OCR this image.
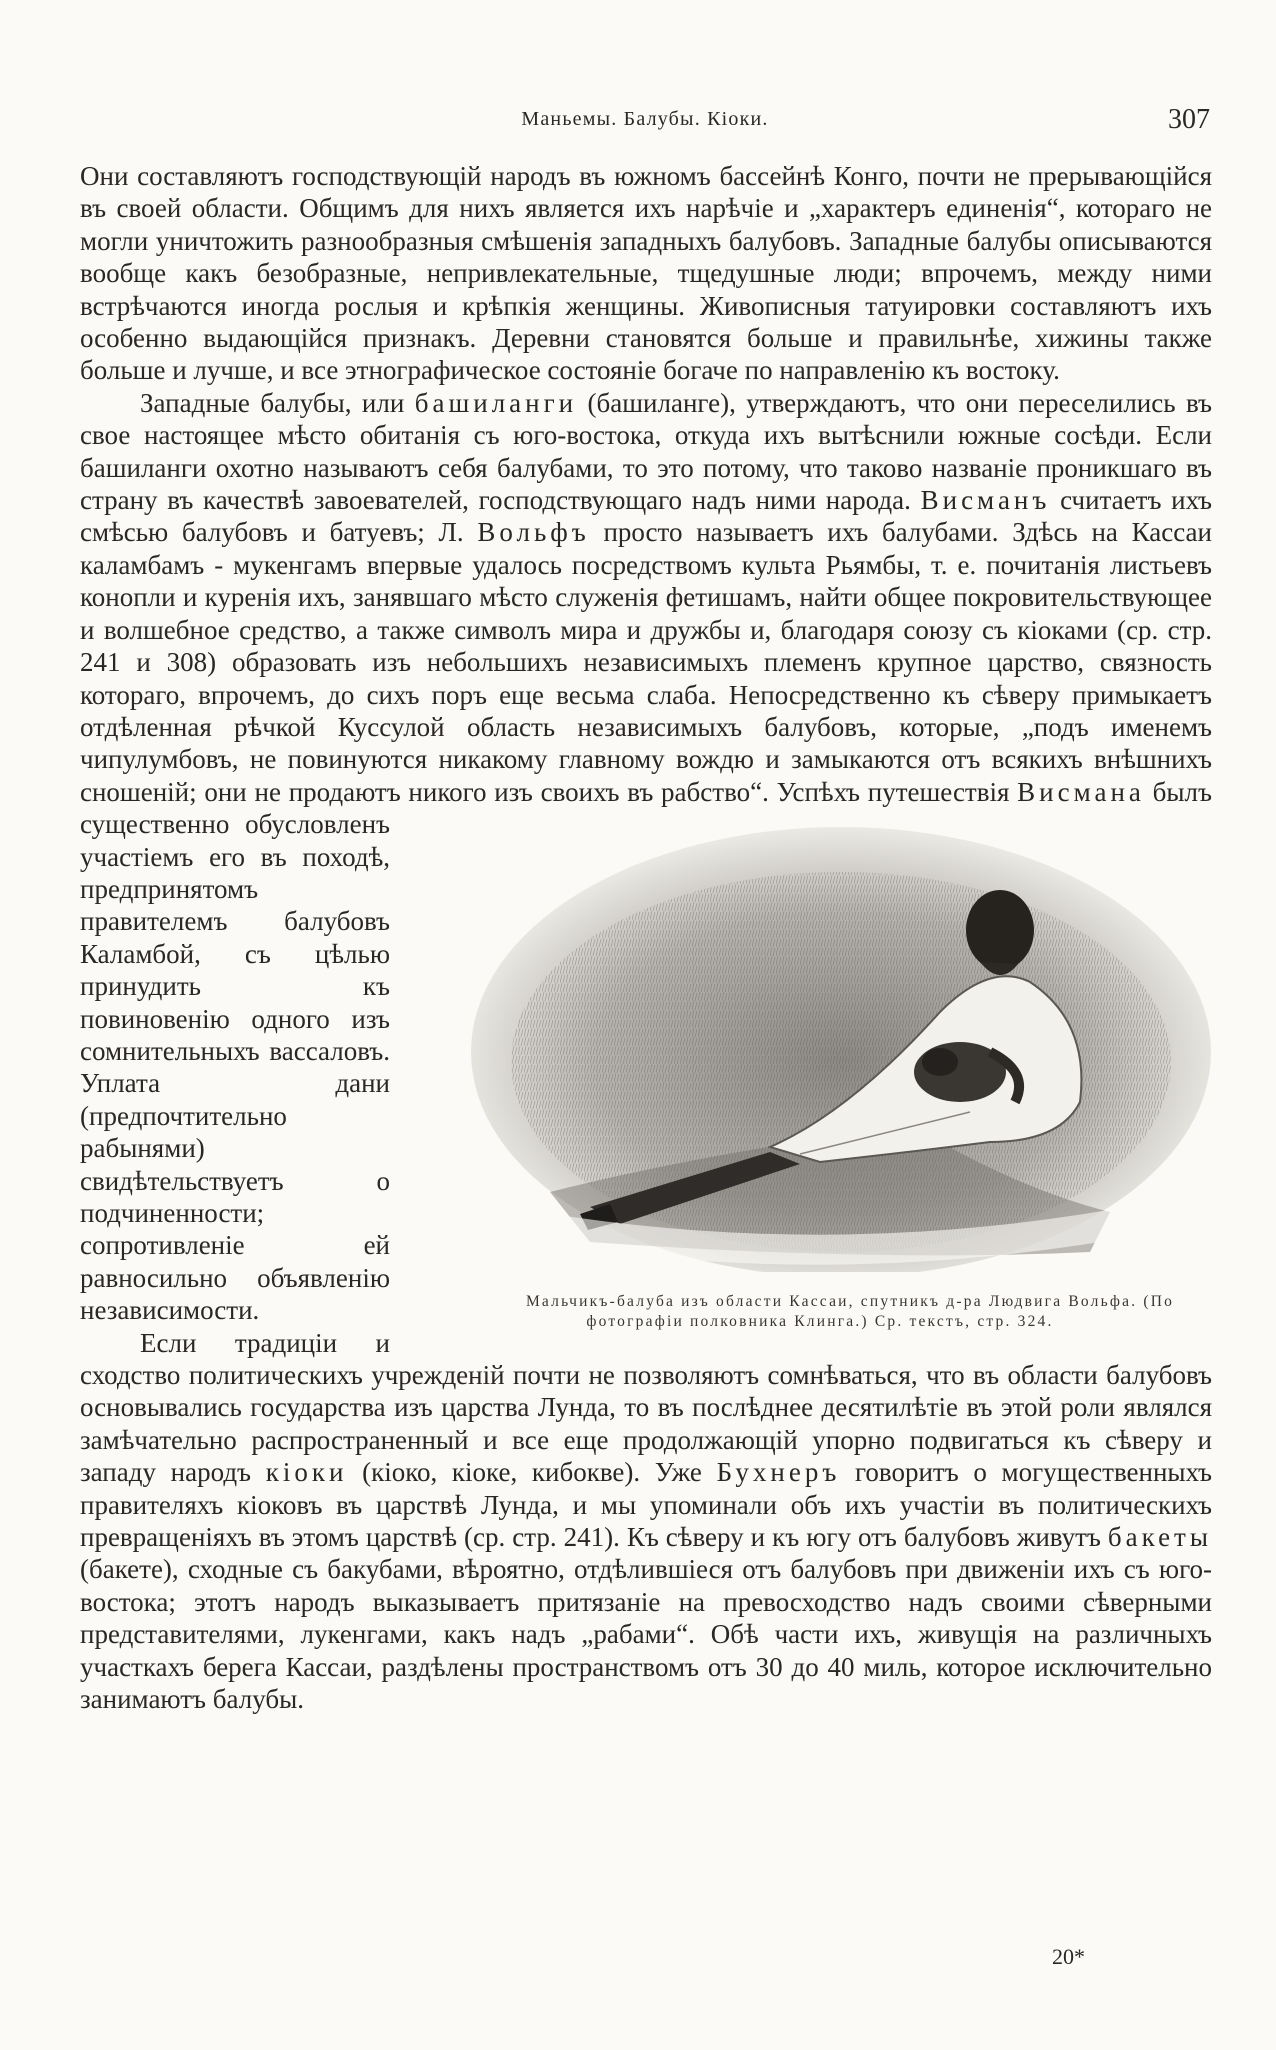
Маньемы. Балубы. Кіоки.	307

Они составляютъ господствующій народъ въ южномъ бассейнѣ Конго, почти не прерывающійся въ своей области. Общимъ для нихъ является ихъ нарѣчіе и „характеръ единенія“, котораго не могли уничтожить разнообразныя смѣшенія западныхъ балубовъ. Западные балубы описываются вообще какъ безобразные, непривлекательные, тщедушные люди; впрочемъ, между ними встрѣчаются иногда рослыя и крѣпкія женщины. Живописныя татуировки составляютъ ихъ особенно выдающійся признакъ. Деревни становятся больше и правильнѣе, хижины также больше и лучше, и все этнографическое состояніе богаче по направленію къ востоку.

Западные балубы, или башиланги (башиланге), утверждаютъ, что они переселились въ свое настоящее мѣсто обитанія съ юго-востока, откуда ихъ вытѣснили южные сосѣди. Если башиланги охотно называютъ себя балубами, то это потому, что таково названіе проникшаго въ страну въ качествѣ завоевателей, господствующаго надъ ними народа. Висманъ считаетъ ихъ смѣсью балубовъ и батуевъ; Л. Вольфъ просто называетъ ихъ балубами. Здѣсь на Кассаи каламбамъ - мукенгамъ впервые удалось посредствомъ культа Рьямбы, т. е. почитанія листьевъ конопли и куренія ихъ, занявшаго мѣсто служенія фетишамъ, найти общее покровительствующее и волшебное средство, а также символъ мира и дружбы и, благодаря союзу съ кіоками (ср. стр. 241 и 308) образовать изъ небольшихъ независимыхъ племенъ крупное царство, связность котораго, впрочемъ, до сихъ поръ еще весьма слаба. Непосредственно къ сѣверу примыкаетъ отдѣленная рѣчкой Куссулой область независимыхъ балубовъ, которые, „подъ именемъ чипулумбовъ, не повинуются никакому главному вождю и замыкаются отъ всякихъ внѣшнихъ сношеній; они не продаютъ никого изъ своихъ въ рабство“. Успѣхъ путешествія
Мальчикъ-балуба изъ области Кассаи, спутникъ д-ра Людвига Вольфа. (По фотографіи полковника Клинга.) Ср. текстъ, стр. 324.
Висмана былъ существенно обусловленъ участіемъ его въ походѣ, предпринятомъ правителемъ балубовъ Каламбой, съ цѣлью принудить къ повиновенію одного изъ сомнительныхъ вассаловъ. Уплата дани (предпочтительно рабынями) свидѣтельствуетъ о подчиненности; сопротивленіе ей равносильно объявленію независимости.

Если традиціи и сходство политическихъ учрежденій почти не позволяютъ сомнѣваться, что въ области балубовъ основывались государства изъ царства Лунда, то въ послѣднее десятилѣтіе въ этой роли являлся замѣчательно распространенный и все еще продолжающій упорно подвигаться къ сѣверу и западу народъ кіоки (кіоко, кіоке, кибокве). Уже Бухнеръ говоритъ о могущественныхъ правителяхъ кіоковъ въ царствѣ Лунда, и мы упоминали объ ихъ участіи въ политическихъ превращеніяхъ въ этомъ царствѣ (ср. стр. 241). Къ сѣверу и къ югу отъ балубовъ живутъ бакеты (бакете), сходные съ бакубами, вѣроятно, отдѣлившіеся отъ балубовъ при движеніи ихъ съ юго-востока; этотъ народъ выказываетъ притязаніе на превосходство надъ своими сѣверными представителями, лукенгами, какъ надъ „рабами“. Обѣ части ихъ, живущія на различныхъ участкахъ берега Кассаи, раздѣлены пространствомъ отъ 30 до 40 миль, которое исключительно занимаютъ балубы.

20*
